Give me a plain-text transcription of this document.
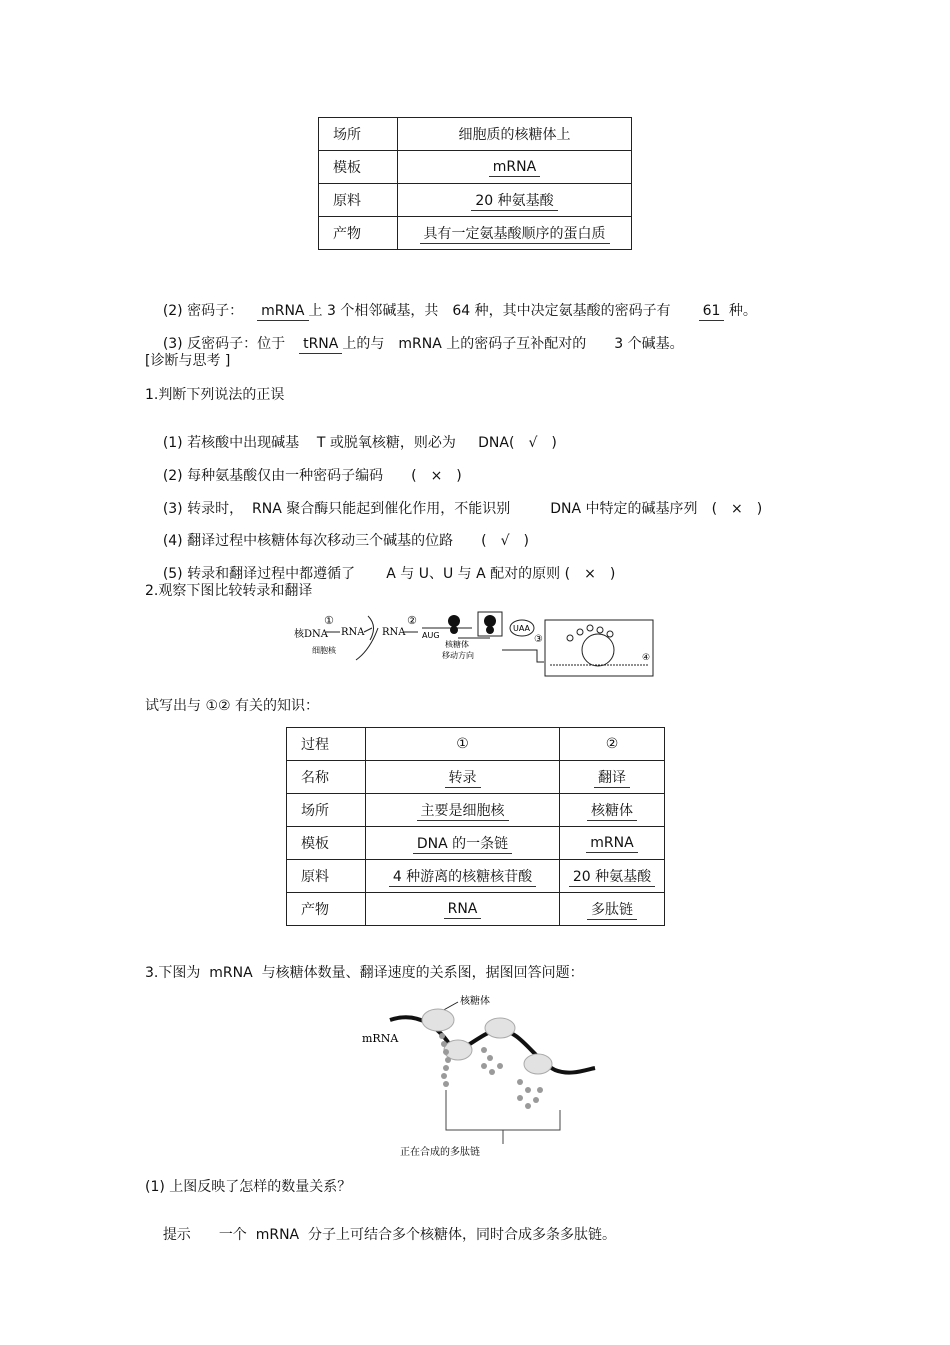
场所	细胞质的核糖体上
模板	mRNA
原料	20 种氨基酸
产物	具有一定氨基酸顺序的蛋白质

(2) 密码子： mRNA 上 3 个相邻碱基，共 64 种，其中决定氨基酸的密码子有 61 种。

(3) 反密码子：位于 tRNA 上的与 mRNA 上的密码子互补配对的 3 个碱基。

[诊断与思考 ]
1.判断下列说法的正误

(1) 若核酸中出现碱基    T 或脱氧核糖，则必为     DNA( √ )

(2) 每种氨基酸仅由一种密码子编码 ( × )

(3) 转录时，  RNA 聚合酶只能起到催化作用，不能识别         DNA 中特定的碱基序列 ( × )

(4) 翻译过程中核糖体每次移动三个碱基的位路 ( √ )

(5) 转录和翻译过程中都遵循了       A 与 U、U 与 A 配对的原则 ( × )

2.观察下图比较转录和翻译
核DNA
①
RNA RNA
②
AUG
核糖体
移动方向
UAA
③
细胞核
④
试写出与 ①② 有关的知识：
过程	①	②
名称	转录	翻译
场所	主要是细胞核	核糖体
模板	DNA 的一条链	mRNA
原料	4 种游离的核糖核苷酸	20 种氨基酸
产物	RNA	多肽链
3.下图为  mRNA  与核糖体数量、翻译速度的关系图，据图回答问题：
核糖体
mRNA
正在合成的多肽链
(1) 上图反映了怎样的数量关系？

提示 一个  mRNA  分子上可结合多个核糖体，同时合成多条多肽链。
